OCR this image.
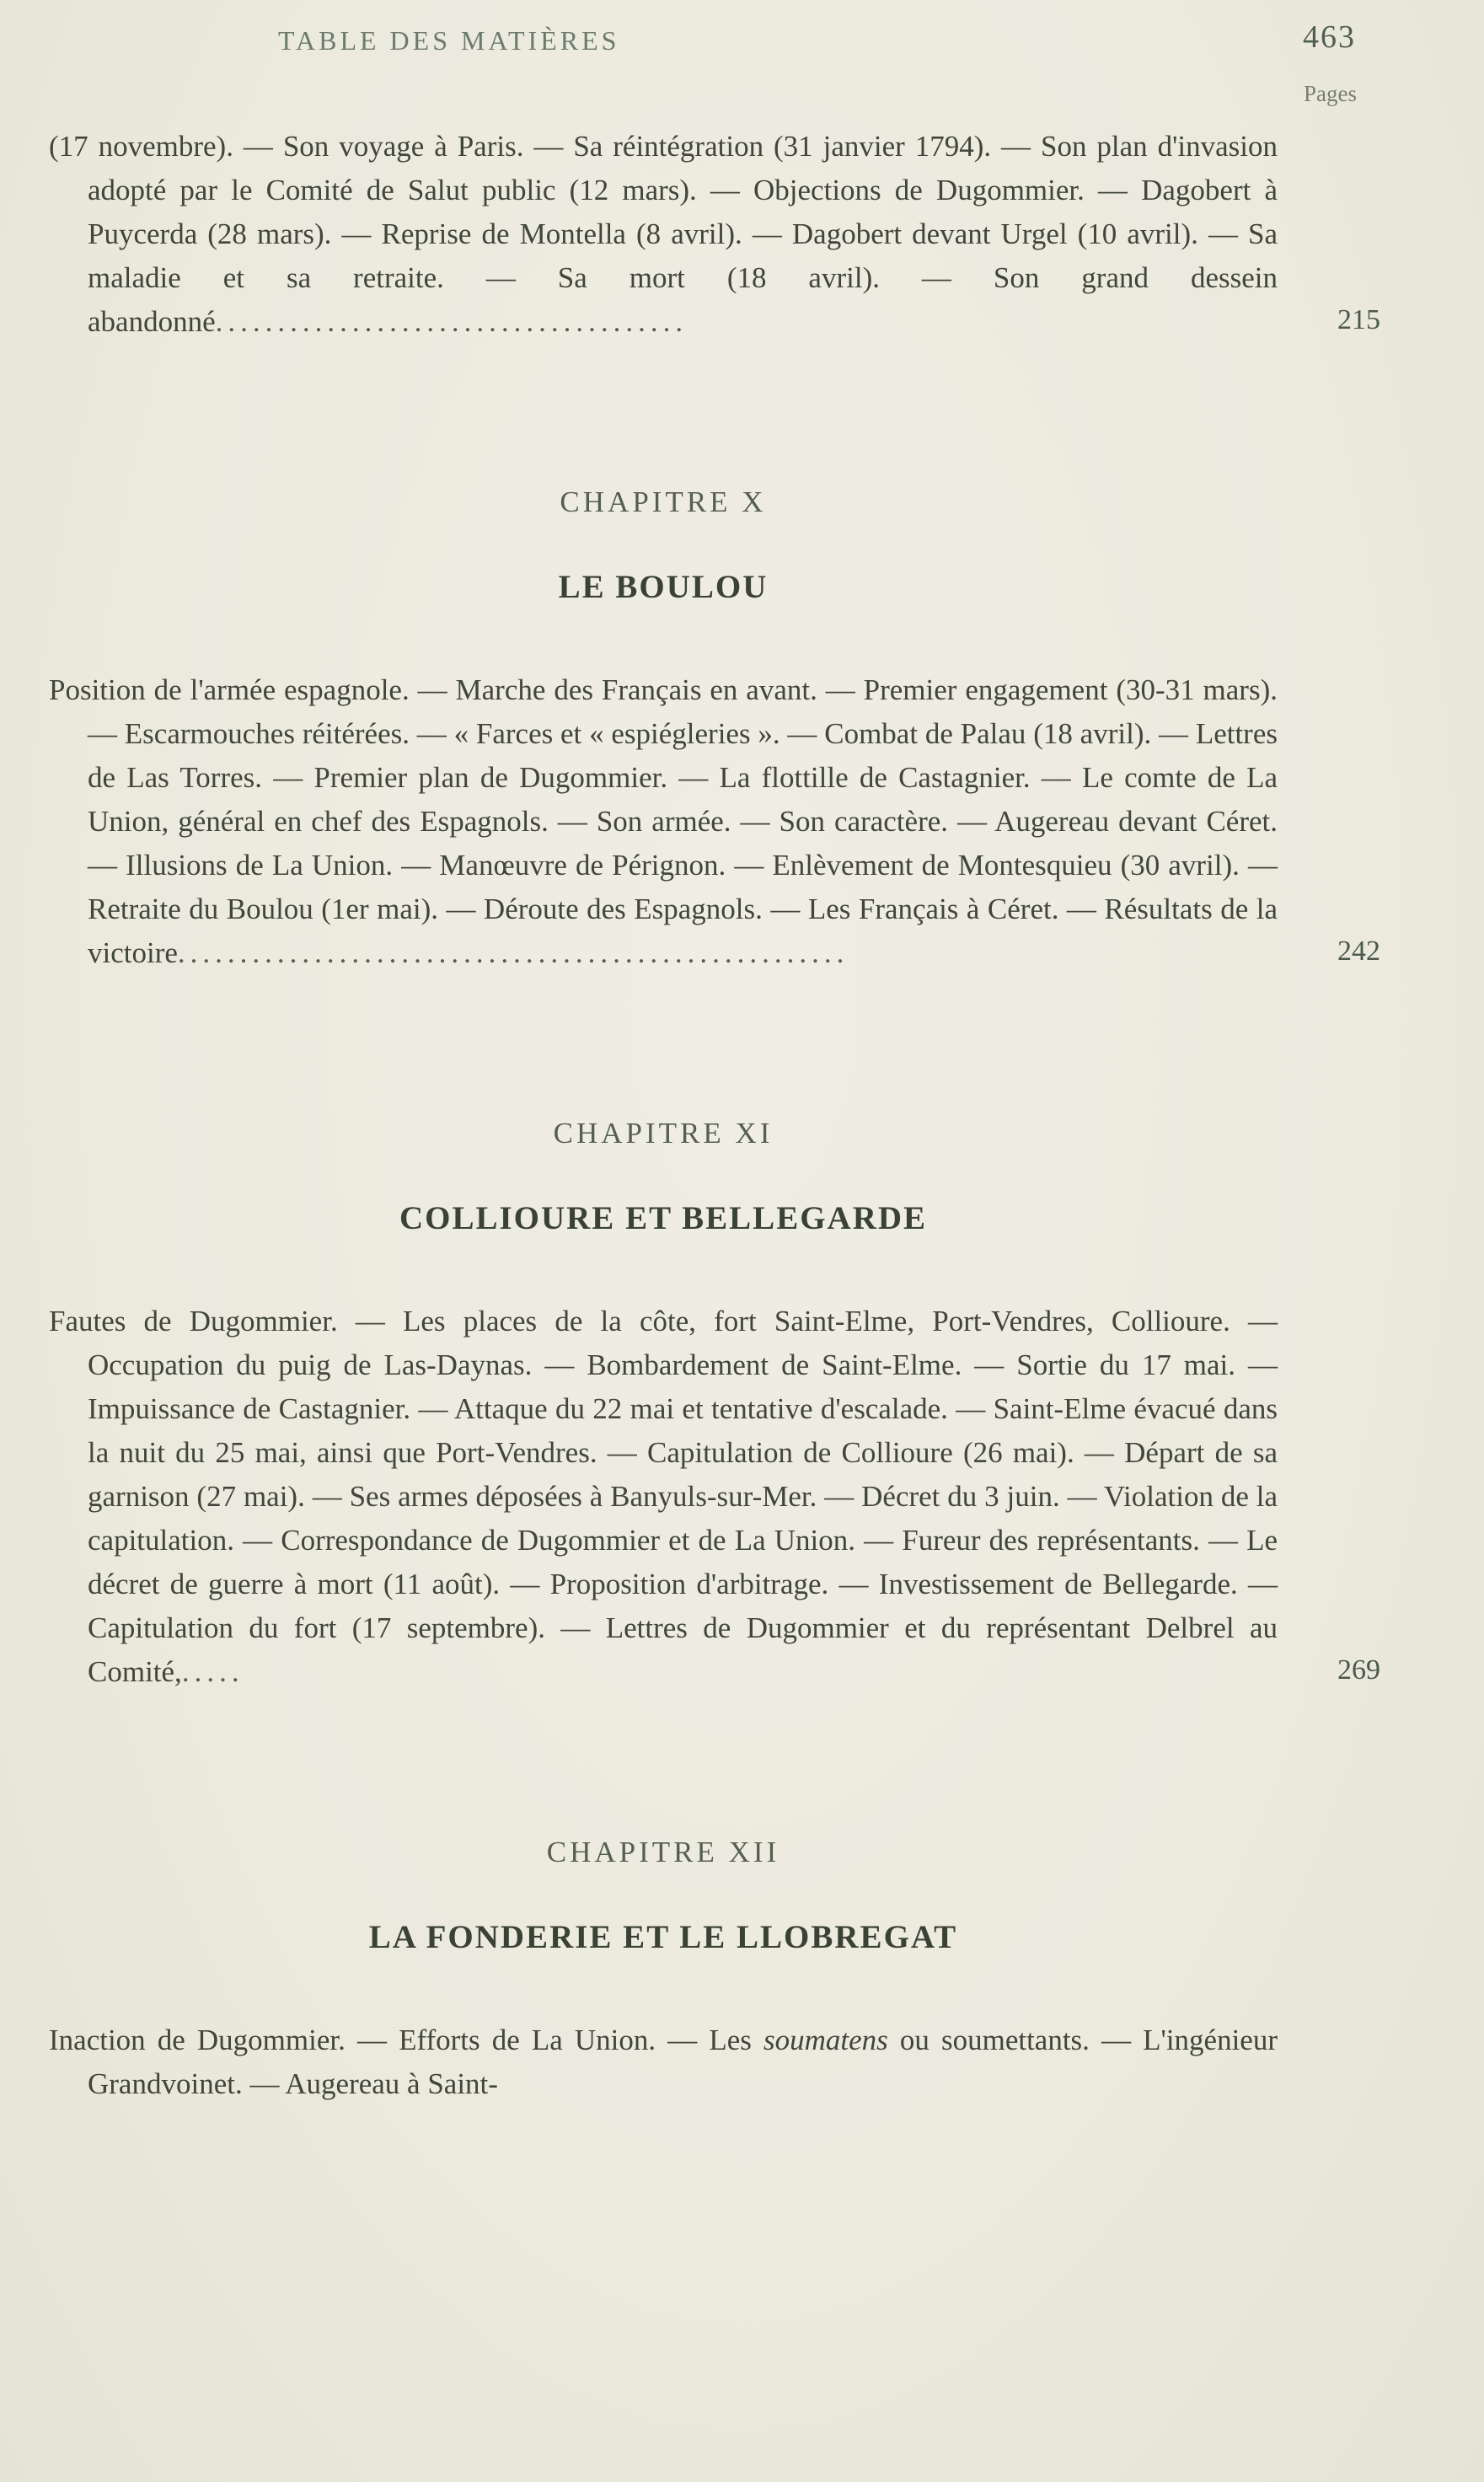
TABLE DES MATIÈRES	463
Pages

(17 novembre). — Son voyage à Paris. — Sa réintégration (31 janvier 1794). — Son plan d'invasion adopté par le Comité de Salut public (12 mars). — Objections de Dugommier. — Dagobert à Puycerda (28 mars). — Reprise de Montella (8 avril). — Dagobert devant Urgel (10 avril). — Sa maladie et sa retraite. — Sa mort (18 avril). — Son grand dessein abandonné......................................	215

CHAPITRE X
LE BOULOU

Position de l'armée espagnole. — Marche des Français en avant. — Premier engagement (30-31 mars). — Escarmouches réitérées. — « Farces et « espiégleries ». — Combat de Palau (18 avril). — Lettres de Las Torres. — Premier plan de Dugommier. — La flottille de Castagnier. — Le comte de La Union, général en chef des Espagnols. — Son armée. — Son caractère. — Augereau devant Céret. — Illusions de La Union. — Manœuvre de Pérignon. — Enlèvement de Montesquieu (30 avril). — Retraite du Boulou (1er mai). — Déroute des Espagnols. — Les Français à Céret. — Résultats de la victoire......................................................	242

CHAPITRE XI
COLLIOURE ET BELLEGARDE

Fautes de Dugommier. — Les places de la côte, fort Saint-Elme, Port-Vendres, Collioure. — Occupation du puig de Las-Daynas. — Bombardement de Saint-Elme. — Sortie du 17 mai. — Impuissance de Castagnier. — Attaque du 22 mai et tentative d'escalade. — Saint-Elme évacué dans la nuit du 25 mai, ainsi que Port-Vendres. — Capitulation de Collioure (26 mai). — Départ de sa garnison (27 mai). — Ses armes déposées à Banyuls-sur-Mer. — Décret du 3 juin. — Violation de la capitulation. — Correspondance de Dugommier et de La Union. — Fureur des représentants. — Le décret de guerre à mort (11 août). — Proposition d'arbitrage. — Investissement de Bellegarde. — Capitulation du fort (17 septembre). — Lettres de Dugommier et du représentant Delbrel au Comité,.....	269

CHAPITRE XII
LA FONDERIE ET LE LLOBREGAT

Inaction de Dugommier. — Efforts de La Union. — Les soumatens ou soumettants. — L'ingénieur Grandvoinet. — Augereau à Saint-
